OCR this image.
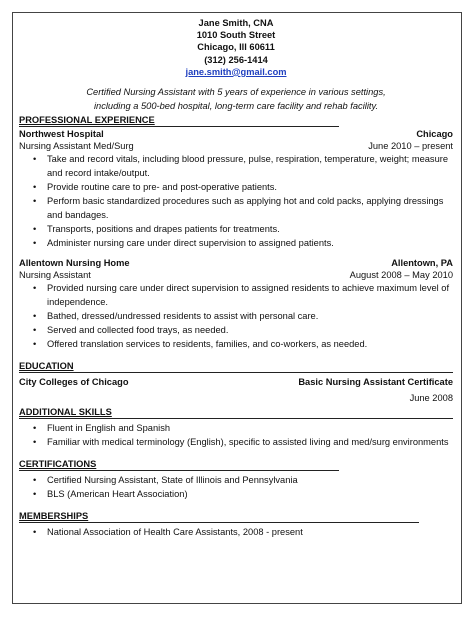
Jane Smith, CNA
1010 South Street
Chicago, Ill 60611
(312) 256-1414
jane.smith@gmail.com
Certified Nursing Assistant with 5 years of experience in various settings,
including a 500-bed hospital, long-term care facility and rehab facility.
PROFESSIONAL EXPERIENCE
Northwest Hospital	Chicago
Nursing Assistant Med/Surg	June 2010 – present
• Take and record vitals, including blood pressure, pulse, respiration, temperature, weight; measure and record intake/output.
• Provide routine care to pre- and post-operative patients.
• Perform basic standardized procedures such as applying hot and cold packs, applying dressings and bandages.
• Transports, positions and drapes patients for treatments.
• Administer nursing care under direct supervision to assigned patients.
Allentown Nursing Home	Allentown, PA
Nursing Assistant	August 2008 – May 2010
• Provided nursing care under direct supervision to assigned residents to achieve maximum level of independence.
• Bathed, dressed/undressed residents to assist with personal care.
• Served and collected food trays, as needed.
• Offered translation services to residents, families, and co-workers, as needed.
EDUCATION
City Colleges of Chicago	Basic Nursing Assistant Certificate
June 2008
ADDITIONAL SKILLS
• Fluent in English and Spanish
• Familiar with medical terminology (English), specific to assisted living and med/surg environments
CERTIFICATIONS
• Certified Nursing Assistant, State of Illinois and Pennsylvania
• BLS (American Heart Association)
MEMBERSHIPS
• National Association of Health Care Assistants, 2008 - present
